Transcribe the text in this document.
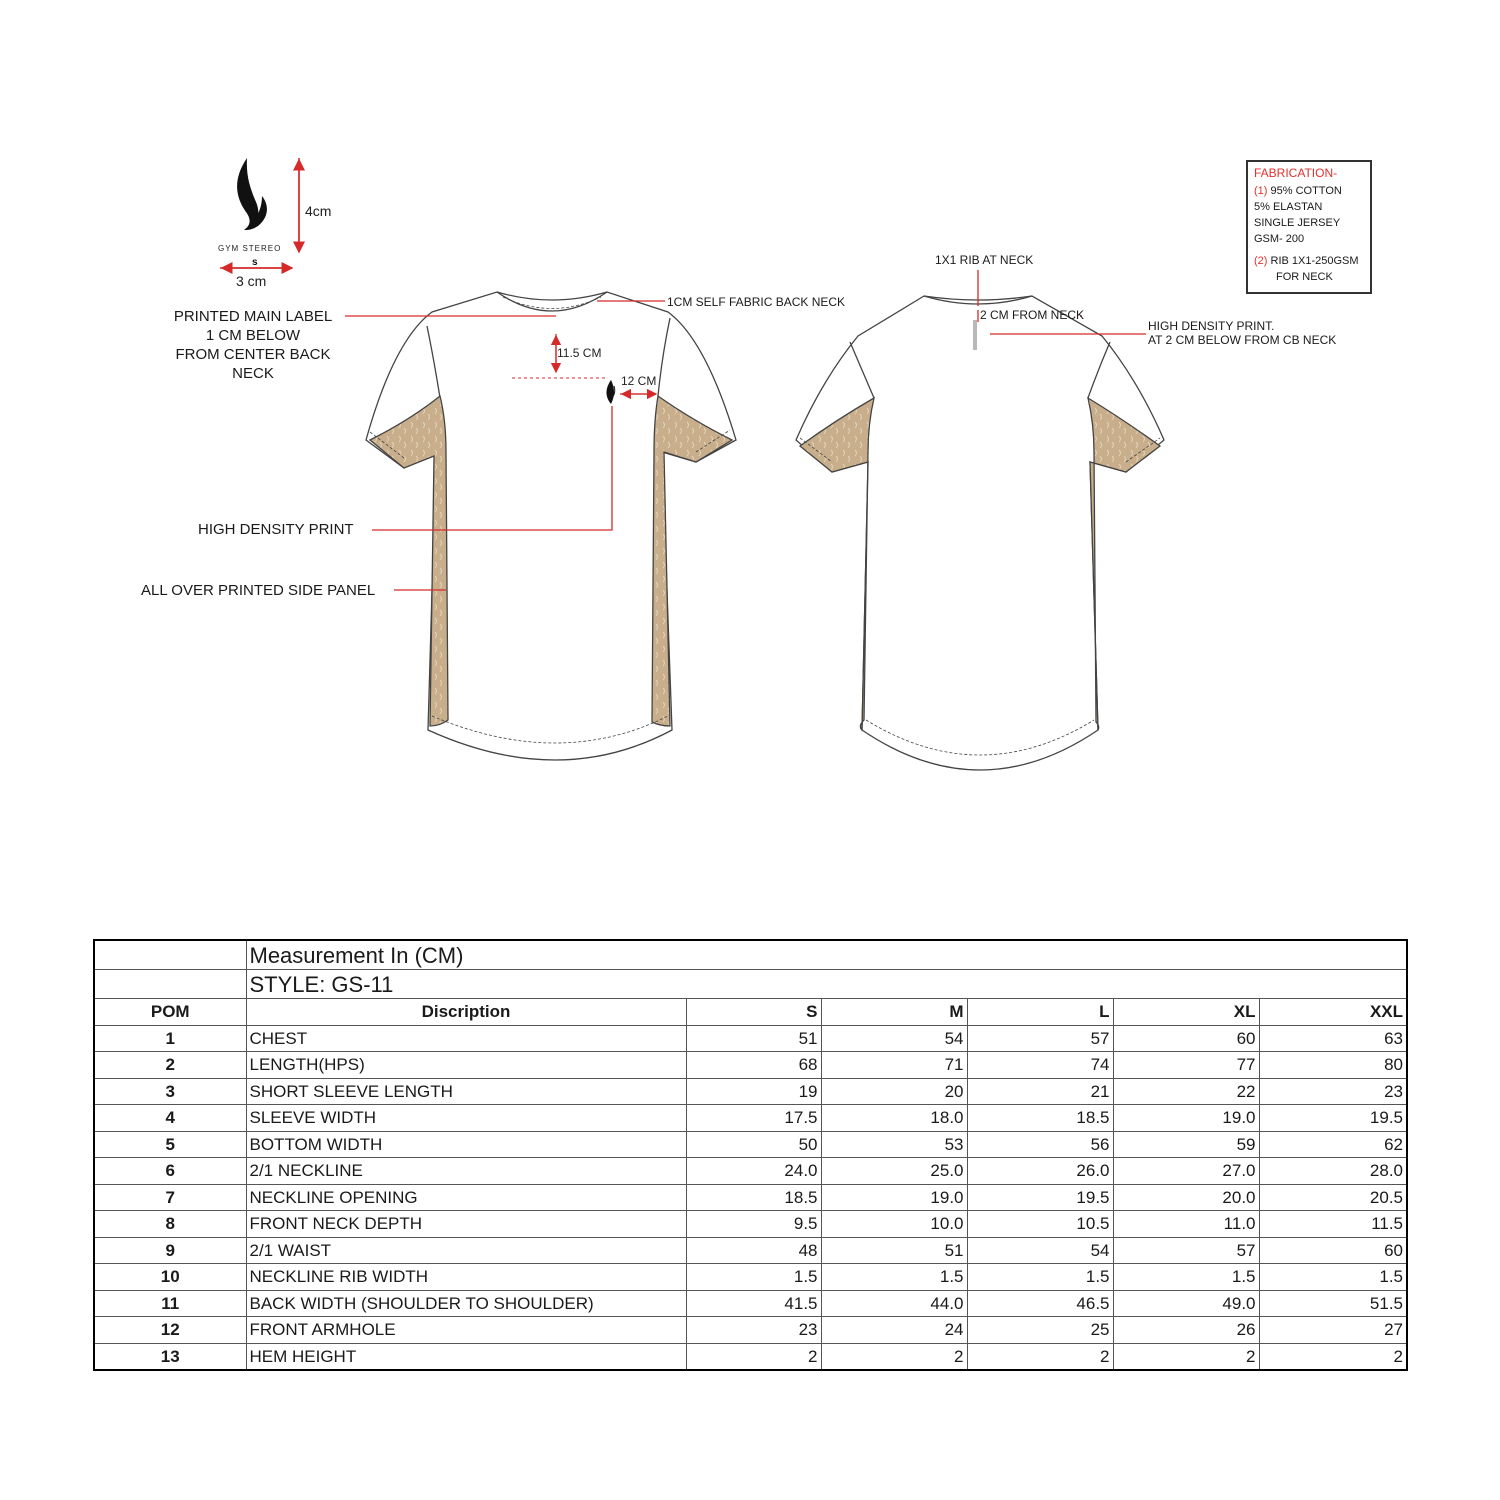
GYM STEREO
s
4cm
3 cm
11.5 CM
12 CM
PRINTED MAIN LABEL
1 CM BELOW
FROM CENTER BACK
NECK
1CM SELF FABRIC BACK NECK
HIGH DENSITY PRINT
ALL OVER PRINTED SIDE PANEL
1X1 RIB AT NECK
2 CM FROM NECK
HIGH DENSITY PRINT.
AT 2 CM BELOW FROM CB NECK
FABRICATION-
(1) 95% COTTON
5% ELASTAN
SINGLE JERSEY
GSM- 200
(2) RIB 1X1-250GSM
FOR NECK
	Measurement In (CM)					
	STYLE: GS-11					
POM	Discription	S	M	L	XL	XXL
1	CHEST	51	54	57	60	63
2	LENGTH(HPS)	68	71	74	77	80
3	SHORT SLEEVE LENGTH	19	20	21	22	23
4	SLEEVE WIDTH	17.5	18.0	18.5	19.0	19.5
5	BOTTOM WIDTH	50	53	56	59	62
6	2/1 NECKLINE	24.0	25.0	26.0	27.0	28.0
7	NECKLINE OPENING	18.5	19.0	19.5	20.0	20.5
8	FRONT NECK DEPTH	9.5	10.0	10.5	11.0	11.5
9	2/1 WAIST	48	51	54	57	60
10	NECKLINE RIB WIDTH	1.5	1.5	1.5	1.5	1.5
11	BACK WIDTH (SHOULDER TO SHOULDER)	41.5	44.0	46.5	49.0	51.5
12	FRONT ARMHOLE	23	24	25	26	27
13	HEM HEIGHT	2	2	2	2	2
